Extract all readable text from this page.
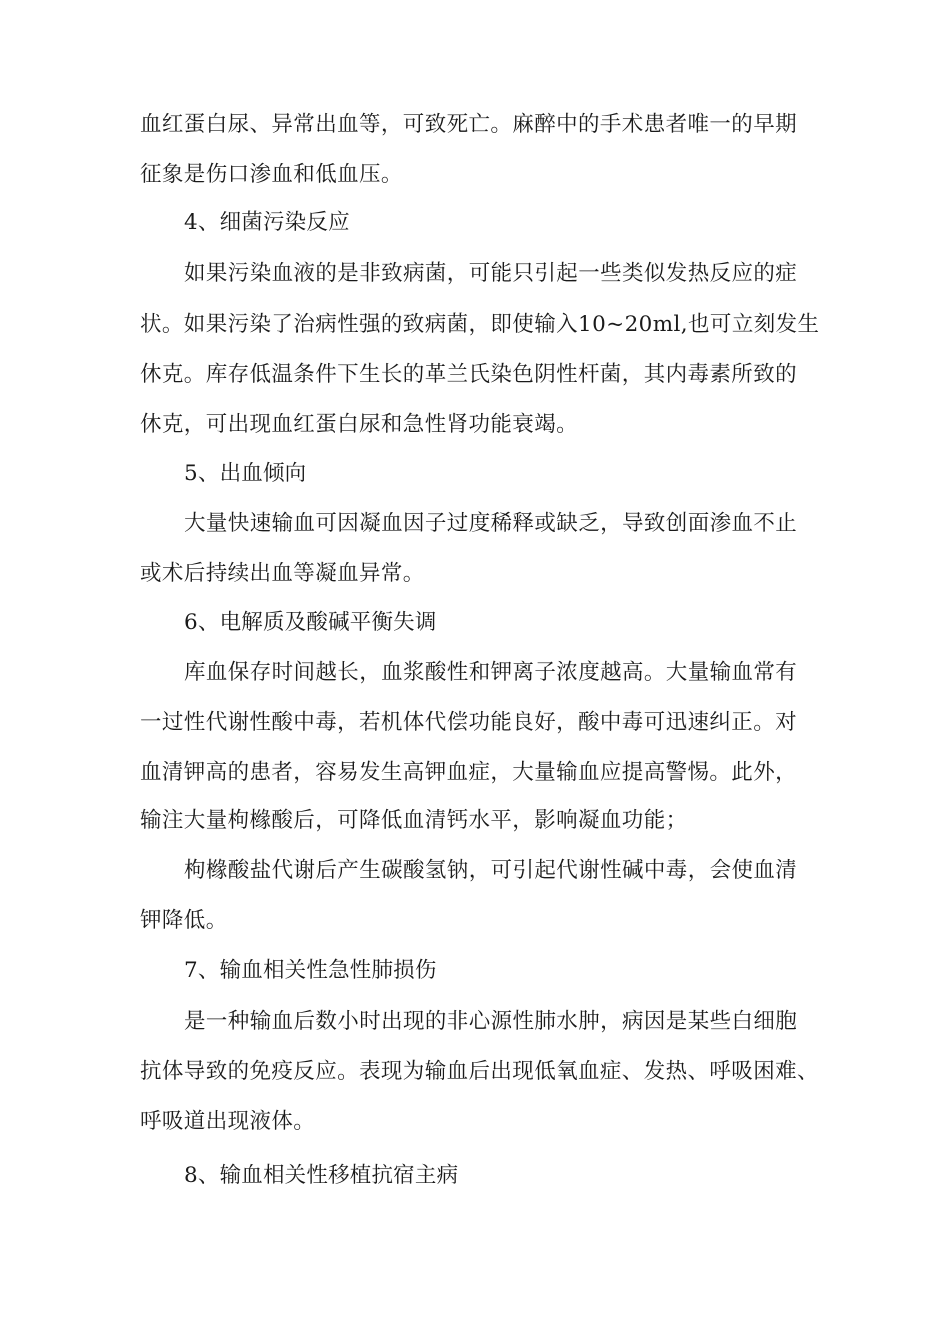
血红蛋白尿、异常出血等，可致死亡。麻醉中的手术患者唯一的早期
征象是伤口渗血和低血压。
4、细菌污染反应
如果污染血液的是非致病菌，可能只引起一些类似发热反应的症
状。如果污染了治病性强的致病菌，即使输入10~20ml,也可立刻发生
休克。库存低温条件下生长的革兰氏染色阴性杆菌，其内毒素所致的
休克，可出现血红蛋白尿和急性肾功能衰竭。
5、出血倾向
大量快速输血可因凝血因子过度稀释或缺乏，导致创面渗血不止
或术后持续出血等凝血异常。
6、电解质及酸碱平衡失调
库血保存时间越长，血浆酸性和钾离子浓度越高。大量输血常有
一过性代谢性酸中毒，若机体代偿功能良好，酸中毒可迅速纠正。对
血清钾高的患者，容易发生高钾血症，大量输血应提高警惕。此外，
输注大量枸橼酸后，可降低血清钙水平，影响凝血功能；
枸橼酸盐代谢后产生碳酸氢钠，可引起代谢性碱中毒，会使血清
钾降低。
7、输血相关性急性肺损伤
是一种输血后数小时出现的非心源性肺水肿，病因是某些白细胞
抗体导致的免疫反应。表现为输血后出现低氧血症、发热、呼吸困难、
呼吸道出现液体。
8、输血相关性移植抗宿主病
